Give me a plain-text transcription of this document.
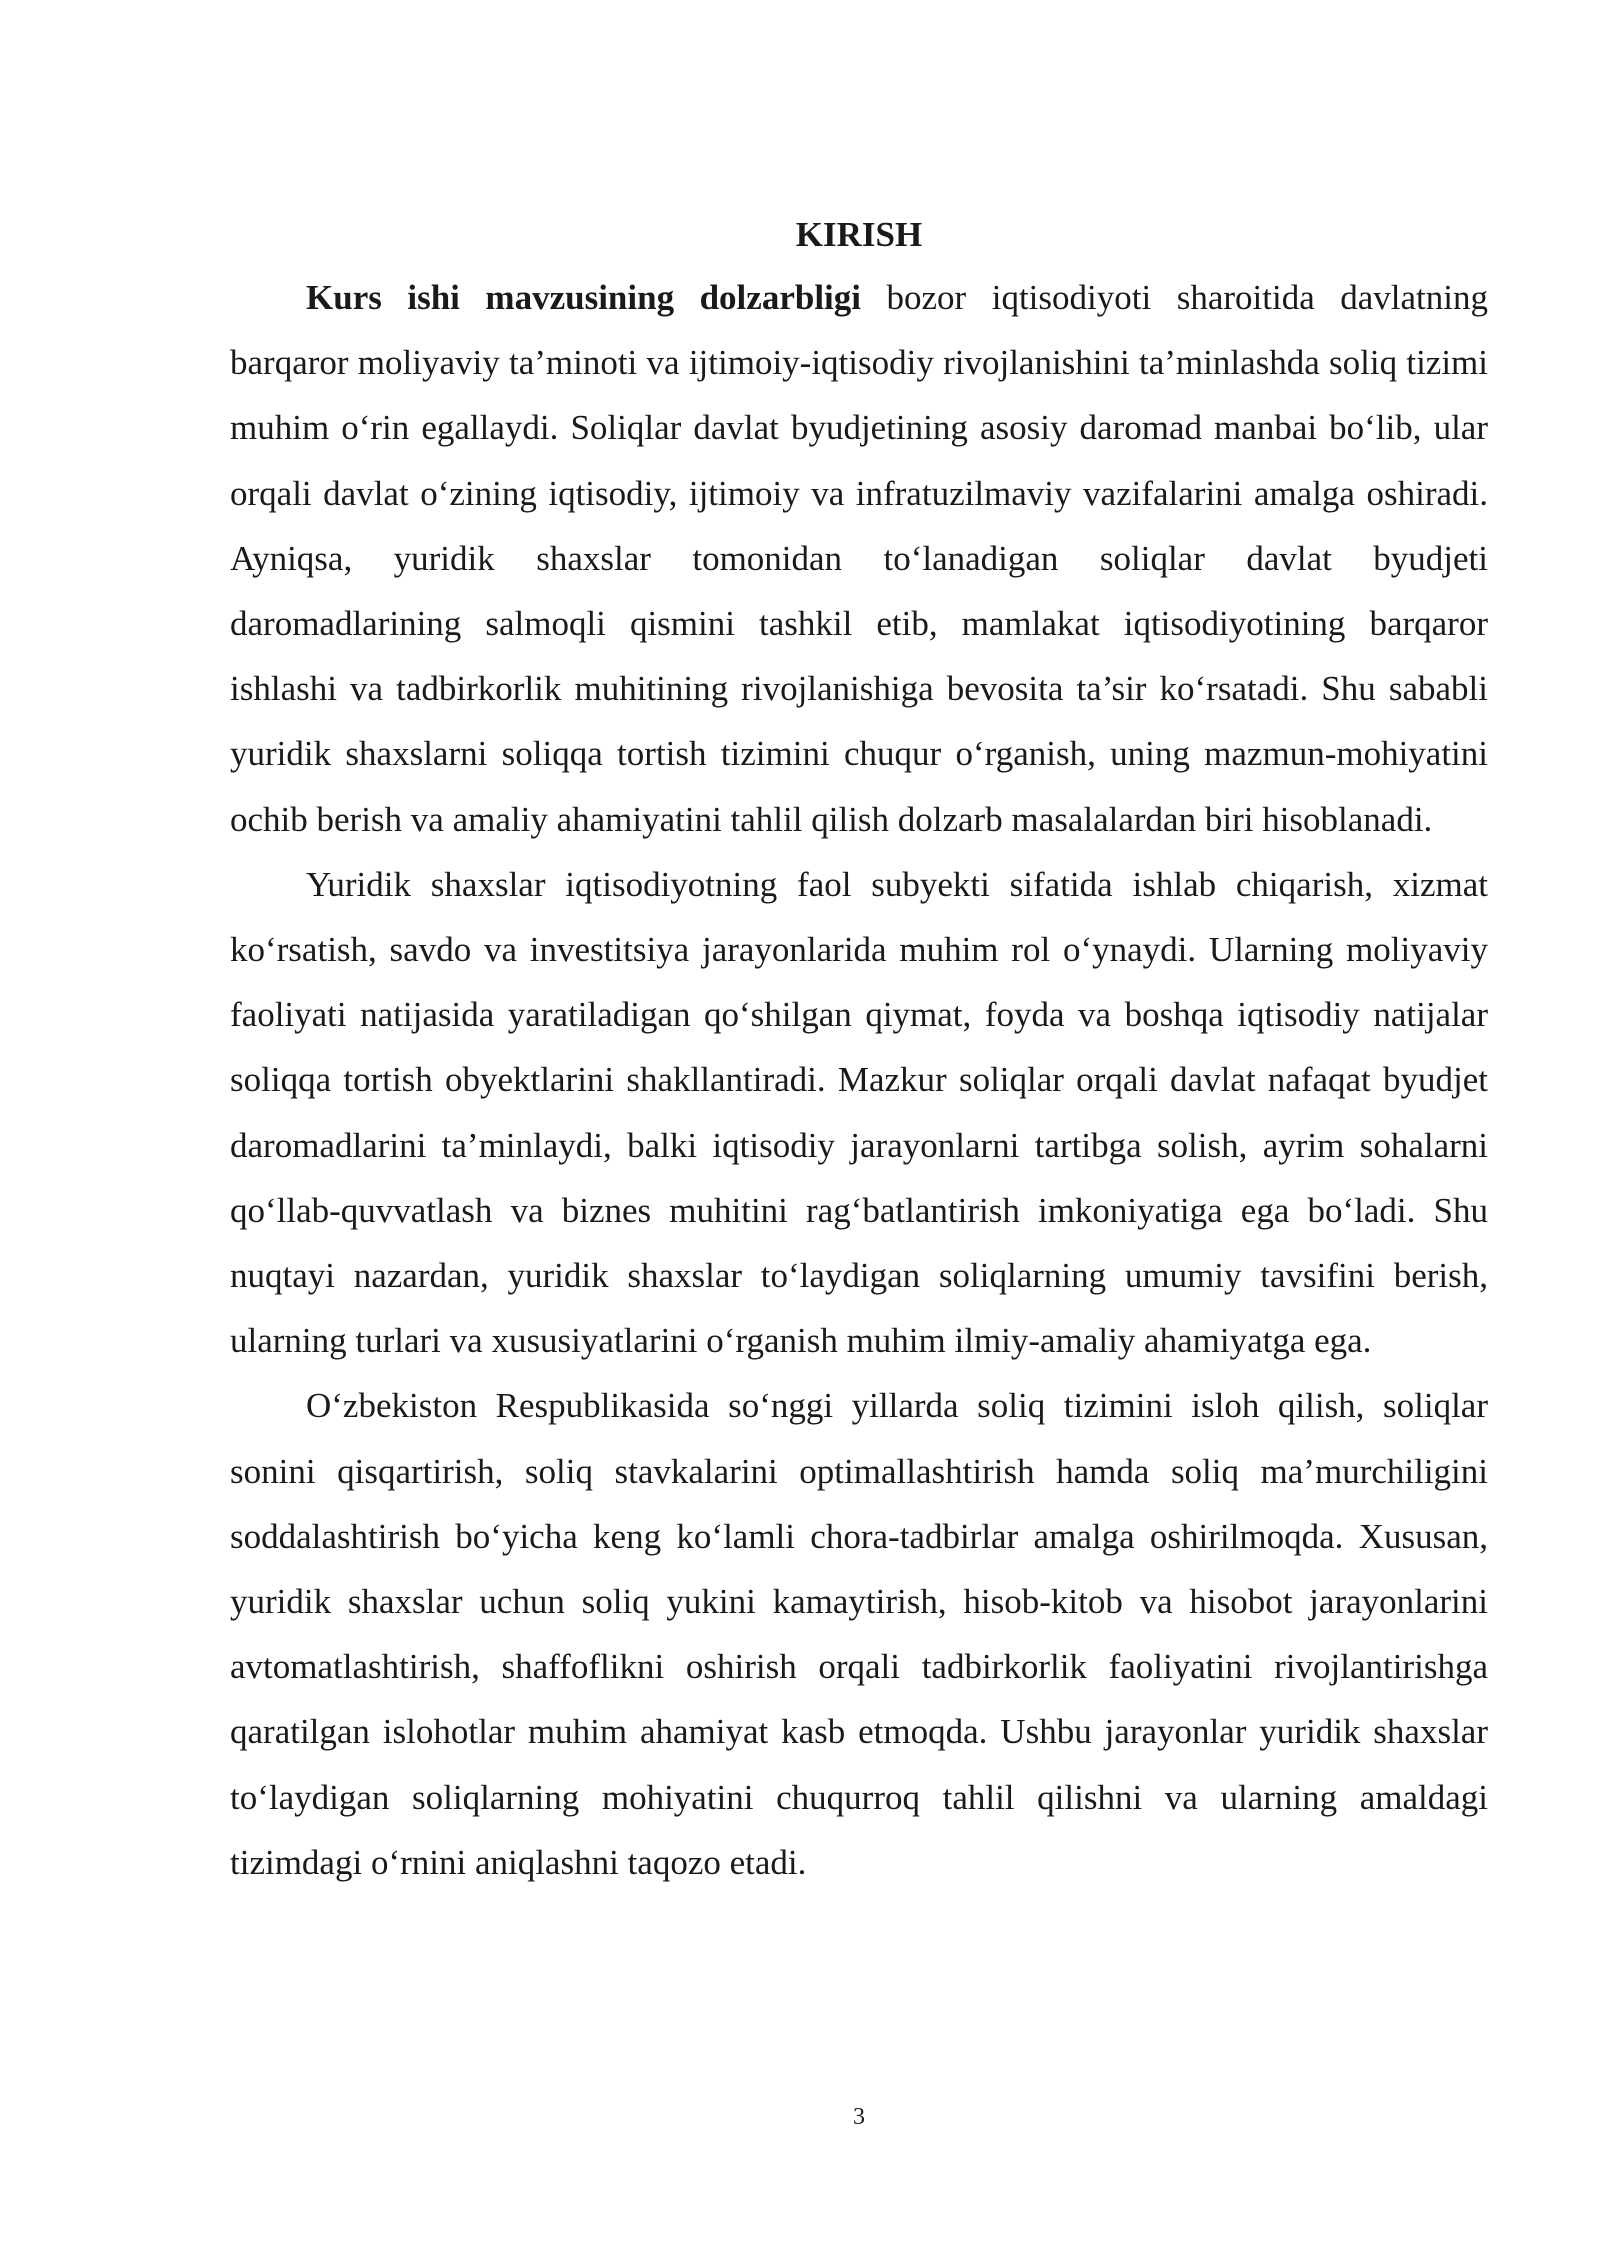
KIRISH

Kurs ishi mavzusining dolzarbligi bozor iqtisodiyoti sharoitida davlatning barqaror moliyaviy ta’minoti va ijtimoiy-iqtisodiy rivojlanishini ta’minlashda soliq tizimi muhim o‘rin egallaydi. Soliqlar davlat byudjetining asosiy daromad manbai bo‘lib, ular orqali davlat o‘zining iqtisodiy, ijtimoiy va infratuzilmaviy vazifalarini amalga oshiradi. Ayniqsa, yuridik shaxslar tomonidan to‘lanadigan soliqlar davlat byudjeti daromadlarining salmoqli qismini tashkil etib, mamlakat iqtisodiyotining barqaror ishlashi va tadbirkorlik muhitining rivojlanishiga bevosita ta’sir ko‘rsatadi. Shu sababli yuridik shaxslarni soliqqa tortish tizimini chuqur o‘rganish, uning mazmun-mohiyatini ochib berish va amaliy ahamiyatini tahlil qilish dolzarb masalalardan biri hisoblanadi.

Yuridik shaxslar iqtisodiyotning faol subyekti sifatida ishlab chiqarish, xizmat ko‘rsatish, savdo va investitsiya jarayonlarida muhim rol o‘ynaydi. Ularning moliyaviy faoliyati natijasida yaratiladigan qo‘shilgan qiymat, foyda va boshqa iqtisodiy natijalar soliqqa tortish obyektlarini shakllantiradi. Mazkur soliqlar orqali davlat nafaqat byudjet daromadlarini ta’minlaydi, balki iqtisodiy jarayonlarni tartibga solish, ayrim sohalarni qo‘llab-quvvatlash va biznes muhitini rag‘batlantirish imkoniyatiga ega bo‘ladi. Shu nuqtayi nazardan, yuridik shaxslar to‘laydigan soliqlarning umumiy tavsifini berish, ularning turlari va xususiyatlarini o‘rganish muhim ilmiy-amaliy ahamiyatga ega.

O‘zbekiston Respublikasida so‘nggi yillarda soliq tizimini isloh qilish, soliqlar sonini qisqartirish, soliq stavkalarini optimallashtirish hamda soliq ma’murchiligini soddalashtirish bo‘yicha keng ko‘lamli chora-tadbirlar amalga oshirilmoqda. Xususan, yuridik shaxslar uchun soliq yukini kamaytirish, hisob-kitob va hisobot jarayonlarini avtomatlashtirish, shaffoflikni oshirish orqali tadbirkorlik faoliyatini rivojlantirishga qaratilgan islohotlar muhim ahamiyat kasb etmoqda. Ushbu jarayonlar yuridik shaxslar to‘laydigan soliqlarning mohiyatini chuqurroq tahlil qilishni va ularning amaldagi tizimdagi o‘rnini aniqlashni taqozo etadi.

3
